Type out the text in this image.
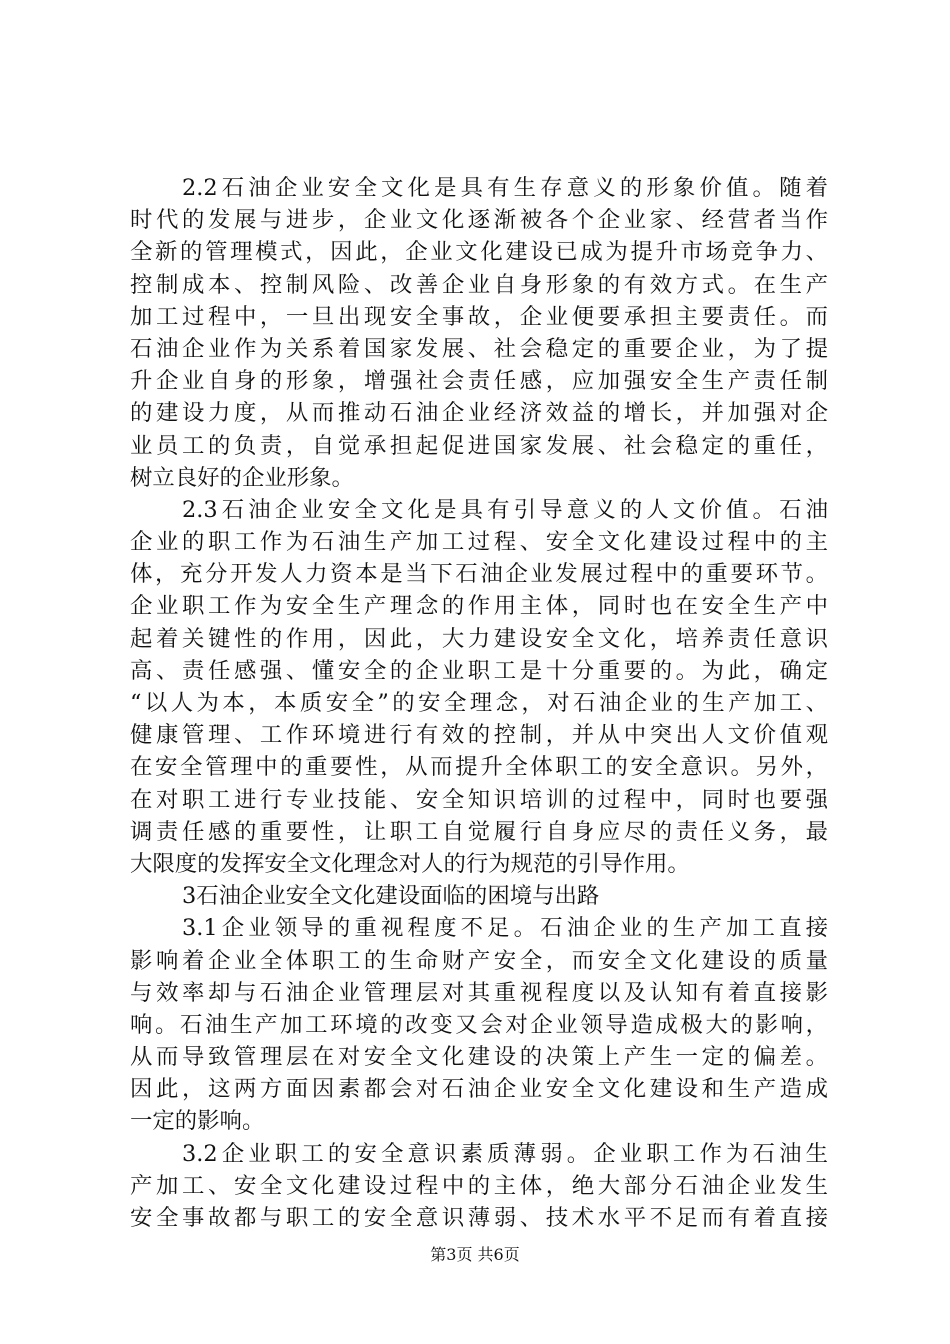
2.2石油企业安全文化是具有生存意义的形象价值。随着
时代的发展与进步，企业文化逐渐被各个企业家、经营者当作
全新的管理模式，因此，企业文化建设已成为提升市场竞争力、
控制成本、控制风险、改善企业自身形象的有效方式。在生产
加工过程中，一旦出现安全事故，企业便要承担主要责任。而
石油企业作为关系着国家发展、社会稳定的重要企业，为了提
升企业自身的形象，增强社会责任感，应加强安全生产责任制
的建设力度，从而推动石油企业经济效益的增长，并加强对企
业员工的负责，自觉承担起促进国家发展、社会稳定的重任，
树立良好的企业形象。
2.3石油企业安全文化是具有引导意义的人文价值。石油
企业的职工作为石油生产加工过程、安全文化建设过程中的主
体，充分开发人力资本是当下石油企业发展过程中的重要环节。
企业职工作为安全生产理念的作用主体，同时也在安全生产中
起着关键性的作用，因此，大力建设安全文化，培养责任意识
高、责任感强、懂安全的企业职工是十分重要的。为此，确定
“以人为本，本质安全”的安全理念，对石油企业的生产加工、
健康管理、工作环境进行有效的控制，并从中突出人文价值观
在安全管理中的重要性，从而提升全体职工的安全意识。另外，
在对职工进行专业技能、安全知识培训的过程中，同时也要强
调责任感的重要性，让职工自觉履行自身应尽的责任义务，最
大限度的发挥安全文化理念对人的行为规范的引导作用。
3石油企业安全文化建设面临的困境与出路
3.1企业领导的重视程度不足。石油企业的生产加工直接
影响着企业全体职工的生命财产安全，而安全文化建设的质量
与效率却与石油企业管理层对其重视程度以及认知有着直接影
响。石油生产加工环境的改变又会对企业领导造成极大的影响，
从而导致管理层在对安全文化建设的决策上产生一定的偏差。
因此，这两方面因素都会对石油企业安全文化建设和生产造成
一定的影响。
3.2企业职工的安全意识素质薄弱。企业职工作为石油生
产加工、安全文化建设过程中的主体，绝大部分石油企业发生
安全事故都与职工的安全意识薄弱、技术水平不足而有着直接
第3页 共6页
